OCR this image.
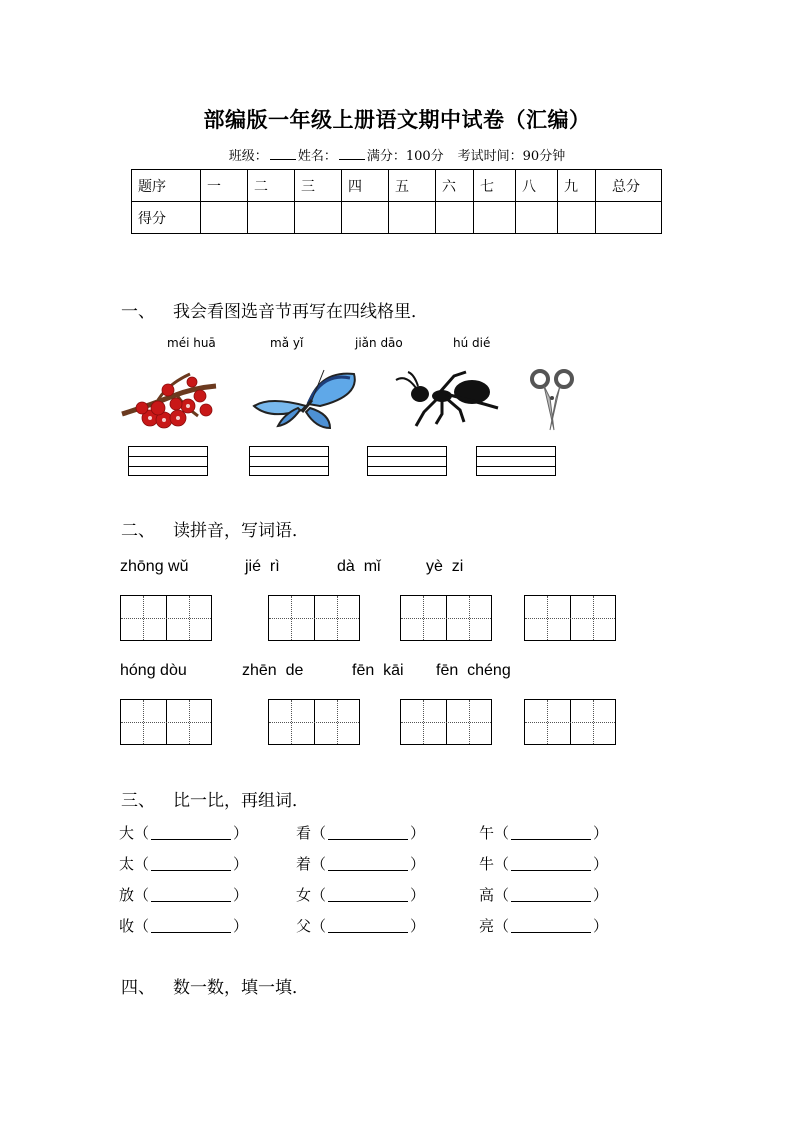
部编版一年级上册语文期中试卷（汇编）
班级： 姓名： 满分：100分 考试时间：90分钟
题序	一	二	三	四	五	六	七	八	九	总分
得分										
一、 我会看图选音节再写在四线格里．
méi huā	mǎ yǐ	jiǎn dāo	hú dié
二、 读拼音，写词语．
zhōng wǔ	jié  rì	dà  mǐ	yè  zi
hóng dòu	zhēn  de	fēn  kāi fēn  chéng
三、 比一比，再组词．
大（	）	看（	）	午（	）
太（	）	着（	）	牛（	）
放（	）	女（	）	高（	）
收（	）	父（	）	亮（	）
四、 数一数，填一填．
